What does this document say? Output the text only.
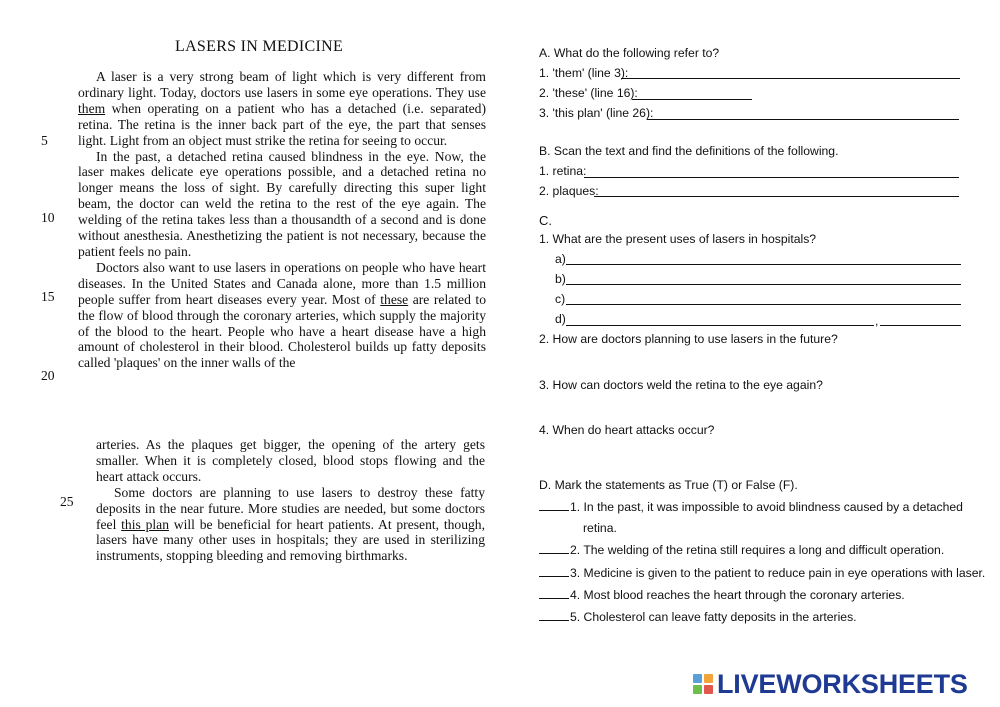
LASERS IN MEDICINE

A laser is a very strong beam of light which is very different from ordinary light. Today, doctors use lasers in some eye operations. They use them when operating on a patient who has a detached (i.e. separated) retina. The retina is the inner back part of the eye, the part that senses light. Light from an object must strike the retina for seeing to occur.

In the past, a detached retina caused blindness in the eye. Now, the laser makes delicate eye operations possible, and a detached retina no longer means the loss of sight. By carefully directing this super light beam, the doctor can weld the retina to the rest of the eye again. The welding of the retina takes less than a thousandth of a second and is done without anesthesia. Anesthetizing the patient is not necessary, because the patient feels no pain.

Doctors also want to use lasers in operations on people who have heart diseases. In the United States and Canada alone, more than 1.5 million people suffer from heart diseases every year. Most of these are related to the flow of blood through the coronary arteries, which supply the majority of the blood to the heart. People who have a heart disease have a high amount of cholesterol in their blood. Cholesterol builds up fatty deposits called 'plaques' on the inner walls of the

arteries. As the plaques get bigger, the opening of the artery gets smaller. When it is completely closed, blood stops flowing and the heart attack occurs.

Some doctors are planning to use lasers to destroy these fatty deposits in the near future. More studies are needed, but some doctors feel this plan will be beneficial for heart patients. At present, though, lasers have many other uses in hospitals; they are used in sterilizing instruments, stopping bleeding and removing birthmarks.

5
10
15
20
25
A. What do the following refer to?
1. 'them' (line 3):
2. 'these' (line 16):
3. 'this plan' (line 26):
B. Scan the text and find the definitions of the following.
1. retina:
2. plaques:
C.
1. What are the present uses of lasers in hospitals?
a)
b)
c)
d)	,
2. How are doctors planning to use lasers in the future?
3. How can doctors weld the retina to the eye again?
4. When do heart attacks occur?
D. Mark the statements as True (T) or False (F).
1. In the past, it was impossible to avoid blindness caused by a detached
retina.
2. The welding of the retina still requires a long and difficult operation.
3. Medicine is given to the patient to reduce pain in eye operations with laser.
4. Most blood reaches the heart through the coronary arteries.
5. Cholesterol can leave fatty deposits in the arteries.
LIVEWORKSHEETS
